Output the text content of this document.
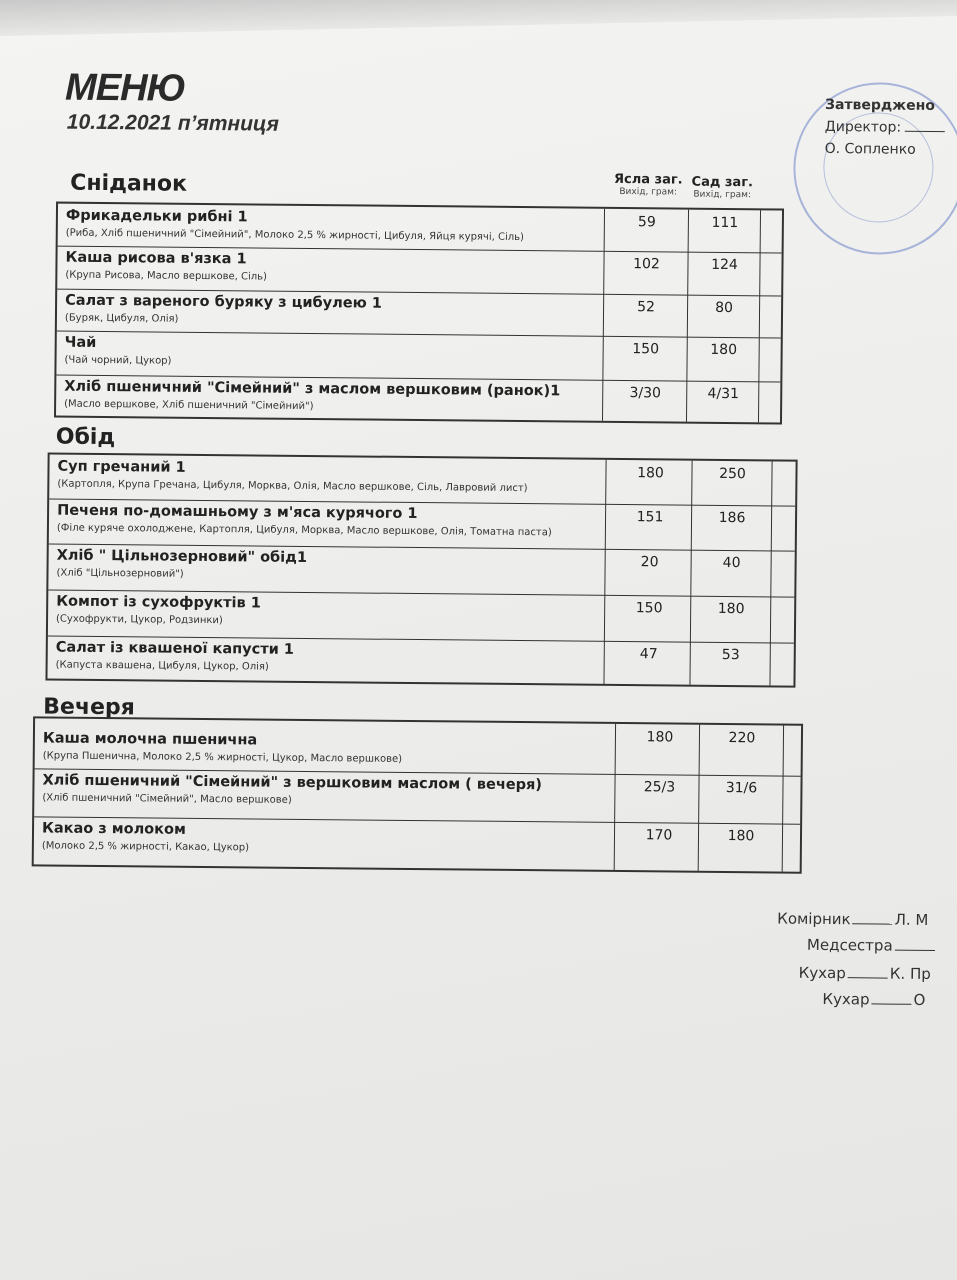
МЕНЮ

10.12.2021 п’ятниця

Затверджено
Директор:
О. Сопленко
Сніданок	Ясла заг.
Вихід, грам:
Сад заг.
Вихід, грам:
Фрикадельки рибні 1
(Риба, Хліб пшеничний "Сімейний", Молоко 2,5 % жирності, Цибуля, Яйця курячі, Сіль)
59	111
Каша рисова в'язка 1
(Крупа Рисова, Масло вершкове, Сіль)
102	124
Салат з вареного буряку з цибулею 1
(Буряк, Цибуля, Олія)
52	80
Чай
(Чай чорний, Цукор)
150	180
Хліб пшеничний "Сімейний" з маслом вершковим (ранок)1
(Масло вершкове, Хліб пшеничний "Сімейний")
3/30	4/31
Обід
Суп гречаний 1
(Картопля, Крупа Гречана, Цибуля, Морква, Олія, Масло вершкове, Сіль, Лавровий лист)
180	250
Печеня по-домашньому з м'яса курячого 1
(Філе куряче охолоджене, Картопля, Цибуля, Морква, Масло вершкове, Олія, Томатна паста)
151	186
Хліб " Цільнозерновий" обід1
(Хліб "Цільнозерновий")
20	40
Компот із сухофруктів 1
(Сухофрукти, Цукор, Родзинки)
150	180
Салат із квашеної капусти 1
(Капуста квашена, Цибуля, Цукор, Олія)
47	53
Вечеря
Каша молочна пшенична
(Крупа Пшенична, Молоко 2,5 % жирності, Цукор, Масло вершкове)
180	220
Хліб пшеничний "Сімейний" з вершковим маслом ( вечеря)
(Хліб пшеничний "Сімейний", Масло вершкове)
25/3	31/6
Какао з молоком
(Молоко 2,5 % жирності, Какао, Цукор)
170	180
Комірник	Л. М
Медсестра
Кухар	К. Пр
Кухар	О
